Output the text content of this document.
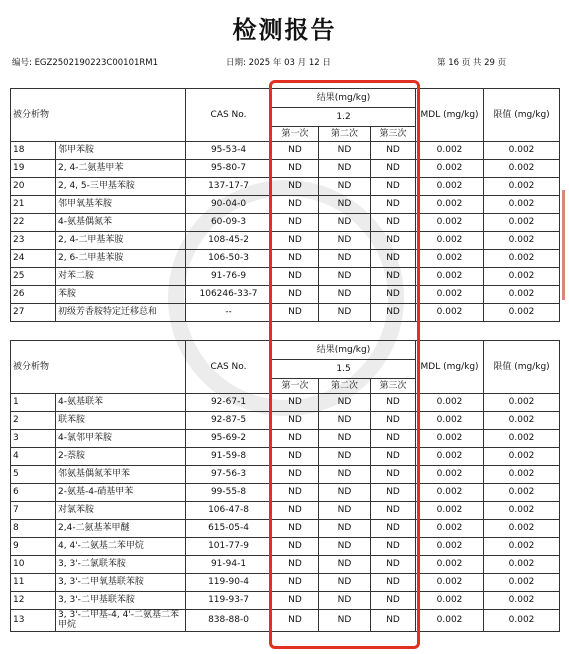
检测报告
编号: EGZ2502190223C00101RM1	日期: 2025 年 03 月 12 日	第 16 页 共 29 页
被分析物		CAS No.	结果(mg/kg)			MDL (mg/kg)	限值 (mg/kg)
			1.2				
			第一次	第二次	第三次		
18	邻甲苯胺	95-53-4	ND	ND	ND	0.002	0.002
19	2, 4-二氨基甲苯	95-80-7	ND	ND	ND	0.002	0.002
20	2, 4, 5-三甲基苯胺	137-17-7	ND	ND	ND	0.002	0.002
21	邻甲氧基苯胺	90-04-0	ND	ND	ND	0.002	0.002
22	4-氨基偶氮苯	60-09-3	ND	ND	ND	0.002	0.002
23	2, 4-二甲基苯胺	108-45-2	ND	ND	ND	0.002	0.002
24	2, 6-二甲基苯胺	106-50-3	ND	ND	ND	0.002	0.002
25	对苯二胺	91-76-9	ND	ND	ND	0.002	0.002
26	苯胺	106246-33-7	ND	ND	ND	0.002	0.002
27	初级芳香胺特定迁移总和	--	ND	ND	ND	0.002	0.002
被分析物		CAS No.	结果(mg/kg)			MDL (mg/kg)	限值 (mg/kg)
			1.5				
			第一次	第二次	第三次		
1	4-氨基联苯	92-67-1	ND	ND	ND	0.002	0.002
2	联苯胺	92-87-5	ND	ND	ND	0.002	0.002
3	4-氯邻甲苯胺	95-69-2	ND	ND	ND	0.002	0.002
4	2-萘胺	91-59-8	ND	ND	ND	0.002	0.002
5	邻氨基偶氮苯甲苯	97-56-3	ND	ND	ND	0.002	0.002
6	2-氨基-4-硝基甲苯	99-55-8	ND	ND	ND	0.002	0.002
7	对氯苯胺	106-47-8	ND	ND	ND	0.002	0.002
8	2,4-二氨基苯甲醚	615-05-4	ND	ND	ND	0.002	0.002
9	4, 4'-二氨基二苯甲烷	101-77-9	ND	ND	ND	0.002	0.002
10	3, 3'-二氯联苯胺	91-94-1	ND	ND	ND	0.002	0.002
11	3, 3'-二甲氧基联苯胺	119-90-4	ND	ND	ND	0.002	0.002
12	3, 3'-二甲基联苯胺	119-93-7	ND	ND	ND	0.002	0.002
13	3, 3'-二甲基-4, 4'-二氨基二苯甲烷	838-88-0	ND	ND	ND	0.002	0.002
